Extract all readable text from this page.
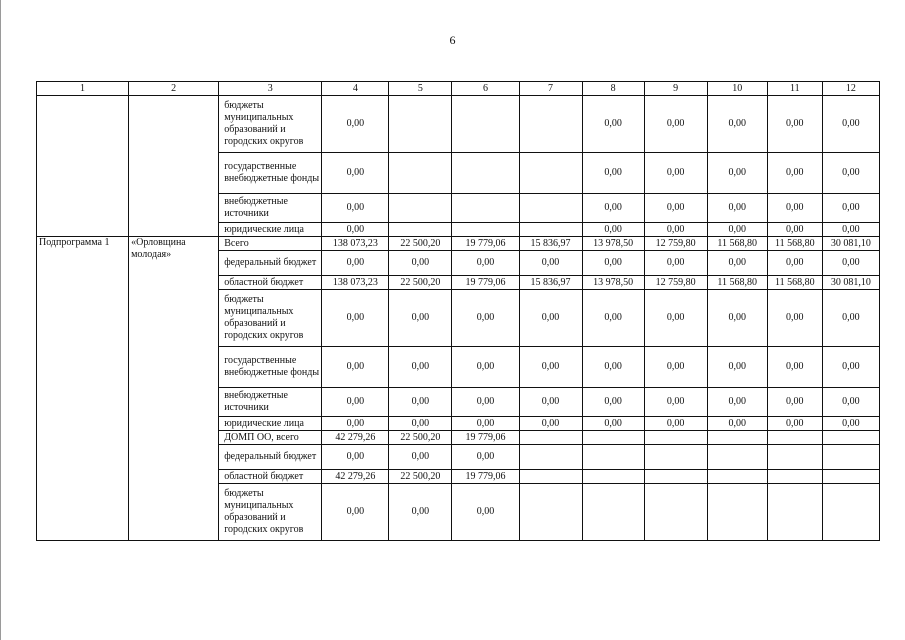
6
1	2	3	4	5	6	7	8	9	10	11	12
		бюджеты муниципальных образований и городских округов	0,00				0,00	0,00	0,00	0,00	0,00
		государственные внебюджетные фонды	0,00				0,00	0,00	0,00	0,00	0,00
		внебюджетные источники	0,00				0,00	0,00	0,00	0,00	0,00
		юридические лица	0,00				0,00	0,00	0,00	0,00	0,00
Подпрограмма 1	«Орловщина молодая»	Всего	138 073,23	22 500,20	19 779,06	15 836,97	13 978,50	12 759,80	11 568,80	11 568,80	30 081,10
		федеральный бюджет	0,00	0,00	0,00	0,00	0,00	0,00	0,00	0,00	0,00
		областной бюджет	138 073,23	22 500,20	19 779,06	15 836,97	13 978,50	12 759,80	11 568,80	11 568,80	30 081,10
		бюджеты муниципальных образований и городских округов	0,00	0,00	0,00	0,00	0,00	0,00	0,00	0,00	0,00
		государственные внебюджетные фонды	0,00	0,00	0,00	0,00	0,00	0,00	0,00	0,00	0,00
		внебюджетные источники	0,00	0,00	0,00	0,00	0,00	0,00	0,00	0,00	0,00
		юридические лица	0,00	0,00	0,00	0,00	0,00	0,00	0,00	0,00	0,00
		ДОМП ОО, всего	42 279,26	22 500,20	19 779,06						
		федеральный бюджет	0,00	0,00	0,00						
		областной бюджет	42 279,26	22 500,20	19 779,06						
		бюджеты муниципальных образований и городских округов	0,00	0,00	0,00						
